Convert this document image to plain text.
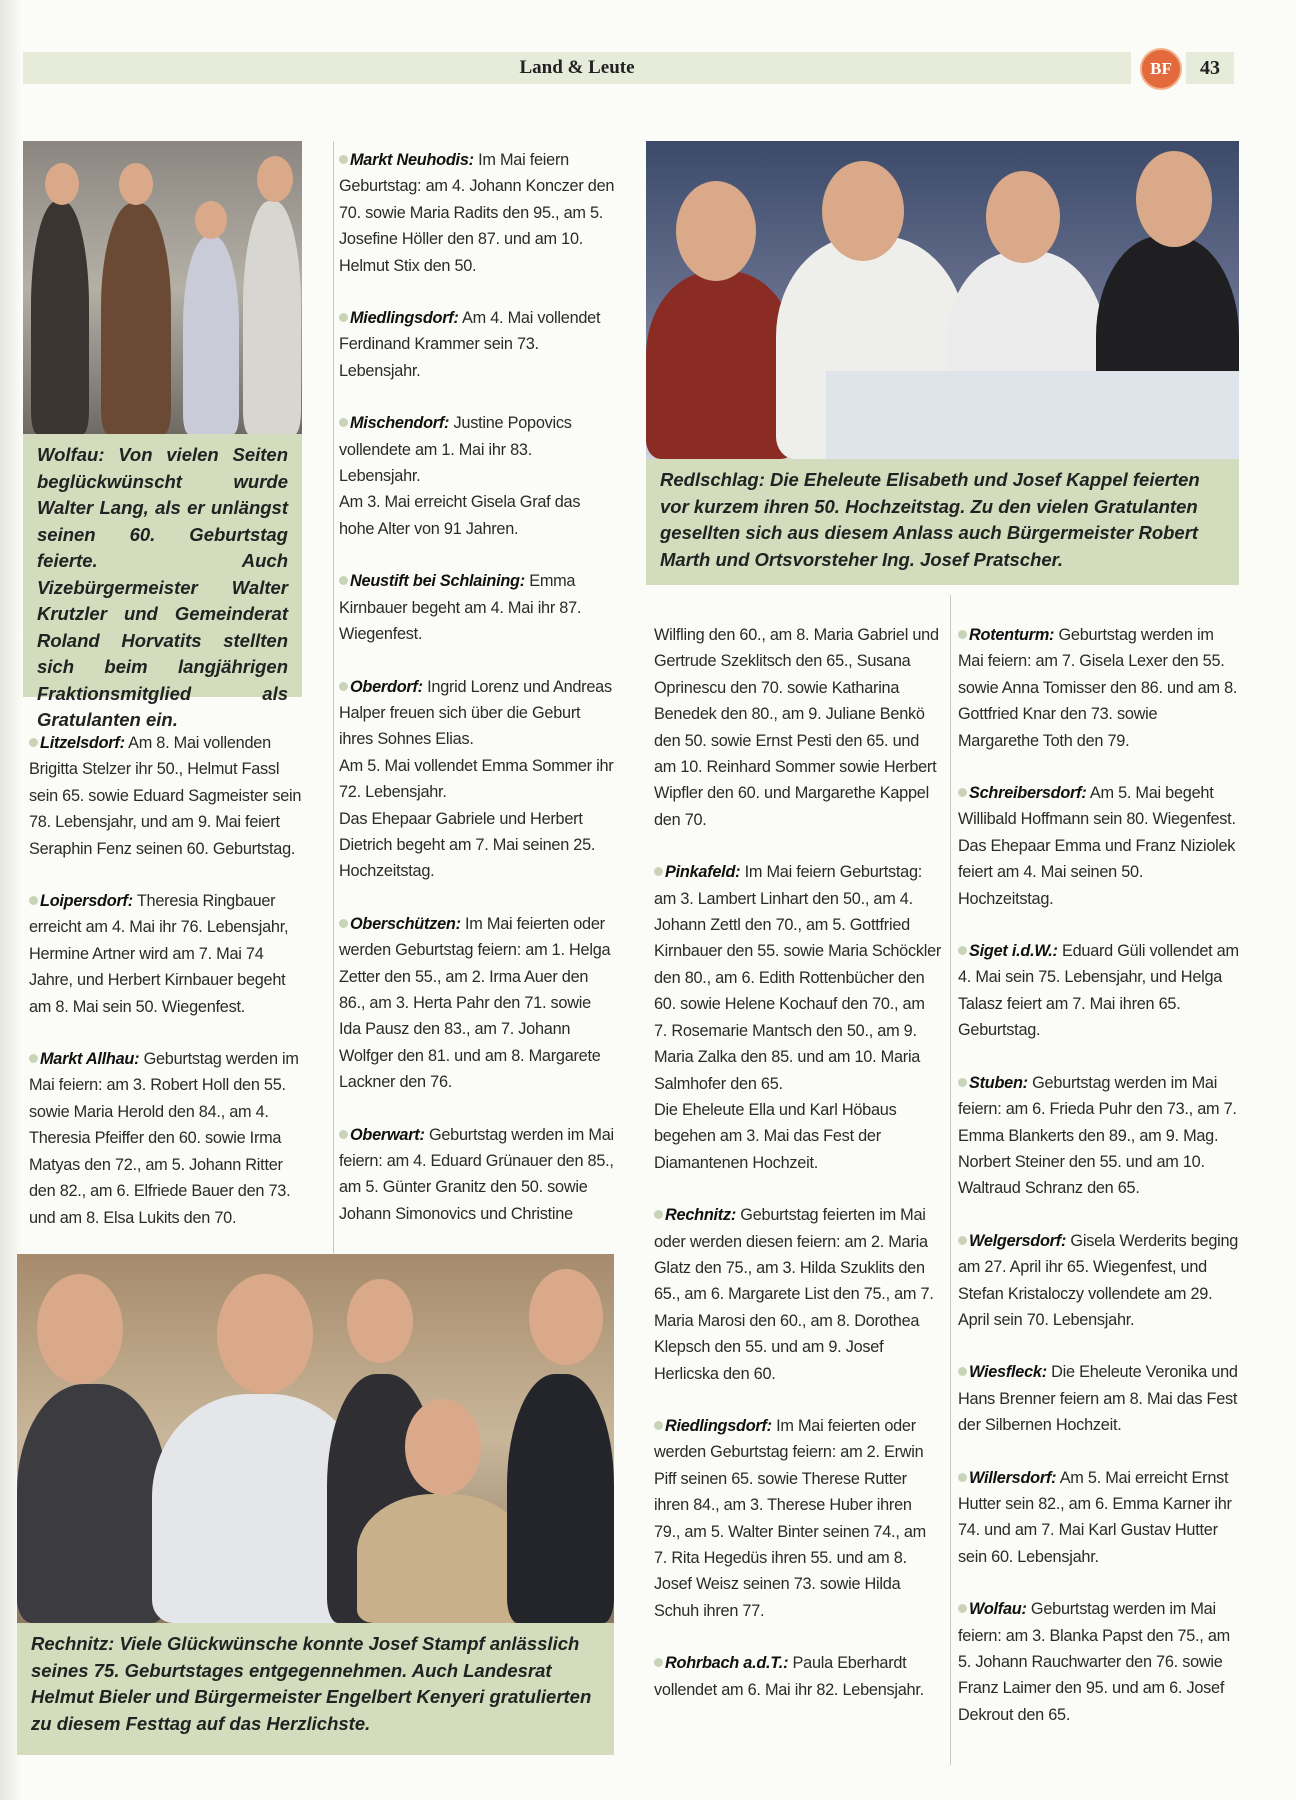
Land & Leute	BF	43
Wolfau: Von vielen Seiten beglückwünscht wurde Walter Lang, als er unlängst seinen 60. Geburtstag feierte. Auch Vizebürgermeister Walter Krutzler und Gemeinderat Roland Horvatits stellten sich beim langjährigen Fraktionsmitglied als Gratulanten ein.
Redlschlag: Die Eheleute Elisabeth und Josef Kappel feierten vor kurzem ihren 50. Hochzeitstag. Zu den vielen Gratulanten gesellten sich aus diesem Anlass auch Bürgermeister Robert Marth und Ortsvorsteher Ing. Josef Pratscher.
Rechnitz: Viele Glückwünsche konnte Josef Stampf anlässlich seines 75. Geburtstages entgegennehmen. Auch Landesrat Helmut Bieler und Bürgermeister Engelbert Kenyeri gratulierten zu diesem Festtag auf das Herzlichste.

Litzelsdorf: Am 8. Mai vollenden Brigitta Stelzer ihr 50., Helmut Fassl sein 65. sowie Eduard Sagmeister sein 78. Lebensjahr, und am 9. Mai feiert Seraphin Fenz seinen 60. Geburtstag.

Loipersdorf: Theresia Ringbauer erreicht am 4. Mai ihr 76. Lebensjahr, Hermine Artner wird am 7. Mai 74 Jahre, und Herbert Kirnbauer begeht am 8. Mai sein 50. Wiegenfest.

Markt Allhau: Geburtstag werden im Mai feiern: am 3. Robert Holl den 55. sowie Maria Herold den 84., am 4. Theresia Pfeiffer den 60. sowie Irma Matyas den 72., am 5. Johann Ritter den 82., am 6. Elfriede Bauer den 73. und am 8. Elsa Lukits den 70.

Markt Neuhodis: Im Mai feiern Geburtstag: am 4. Johann Konczer den 70. sowie Maria Radits den 95., am 5. Josefine Höller den 87. und am 10. Helmut Stix den 50.

Miedlingsdorf: Am 4. Mai vollendet Ferdinand Krammer sein 73. Lebensjahr.

Mischendorf: Justine Popovics vollendete am 1. Mai ihr 83. Lebensjahr.

Am 3. Mai erreicht Gisela Graf das hohe Alter von 91 Jahren.

Neustift bei Schlaining: Emma Kirnbauer begeht am 4. Mai ihr 87. Wiegenfest.

Oberdorf: Ingrid Lorenz und Andreas Halper freuen sich über die Geburt ihres Sohnes Elias.

Am 5. Mai vollendet Emma Sommer ihr 72. Lebensjahr.

Das Ehepaar Gabriele und Herbert Dietrich begeht am 7. Mai seinen 25. Hochzeitstag.

Oberschützen: Im Mai feierten oder werden Geburtstag feiern: am 1. Helga Zetter den 55., am 2. Irma Auer den 86., am 3. Herta Pahr den 71. sowie Ida Pausz den 83., am 7. Johann Wolfger den 81. und am 8. Margarete Lackner den 76.

Oberwart: Geburtstag werden im Mai feiern: am 4. Eduard Grünauer den 85., am 5. Günter Granitz den 50. sowie Johann Simonovics und Christine

Wilfling den 60., am 8. Maria Gabriel und Gertrude Szeklitsch den 65., Susana Oprinescu den 70. sowie Katharina Benedek den 80., am 9. Juliane Benkö den 50. sowie Ernst Pesti den 65. und am 10. Reinhard Sommer sowie Herbert Wipfler den 60. und Margarethe Kappel den 70.

Pinkafeld: Im Mai feiern Geburtstag: am 3. Lambert Linhart den 50., am 4. Johann Zettl den 70., am 5. Gottfried Kirnbauer den 55. sowie Maria Schöckler den 80., am 6. Edith Rottenbücher den 60. sowie Helene Kochauf den 70., am 7. Rosemarie Mantsch den 50., am 9. Maria Zalka den 85. und am 10. Maria Salmhofer den 65.

Die Eheleute Ella und Karl Höbaus begehen am 3. Mai das Fest der Diamantenen Hochzeit.

Rechnitz: Geburtstag feierten im Mai oder werden diesen feiern: am 2. Maria Glatz den 75., am 3. Hilda Szuklits den 65., am 6. Margarete List den 75., am 7. Maria Marosi den 60., am 8. Dorothea Klepsch den 55. und am 9. Josef Herlicska den 60.

Riedlingsdorf: Im Mai feierten oder werden Geburtstag feiern: am 2. Erwin Piff seinen 65. sowie Therese Rutter ihren 84., am 3. Therese Huber ihren 79., am 5. Walter Binter seinen 74., am 7. Rita Hegedüs ihren 55. und am 8. Josef Weisz seinen 73. sowie Hilda Schuh ihren 77.

Rohrbach a.d.T.: Paula Eberhardt vollendet am 6. Mai ihr 82. Lebensjahr.

Rotenturm: Geburtstag werden im Mai feiern: am 7. Gisela Lexer den 55. sowie Anna Tomisser den 86. und am 8. Gottfried Knar den 73. sowie Margarethe Toth den 79.

Schreibersdorf: Am 5. Mai begeht Willibald Hoffmann sein 80. Wiegenfest.

Das Ehepaar Emma und Franz Niziolek feiert am 4. Mai seinen 50. Hochzeitstag.

Siget i.d.W.: Eduard Güli vollendet am 4. Mai sein 75. Lebensjahr, und Helga Talasz feiert am 7. Mai ihren 65. Geburtstag.

Stuben: Geburtstag werden im Mai feiern: am 6. Frieda Puhr den 73., am 7. Emma Blankerts den 89., am 9. Mag. Norbert Steiner den 55. und am 10. Waltraud Schranz den 65.

Welgersdorf: Gisela Werderits beging am 27. April ihr 65. Wiegenfest, und Stefan Kristaloczy vollendete am 29. April sein 70. Lebensjahr.

Wiesfleck: Die Eheleute Veronika und Hans Brenner feiern am 8. Mai das Fest der Silbernen Hochzeit.

Willersdorf: Am 5. Mai erreicht Ernst Hutter sein 82., am 6. Emma Karner ihr 74. und am 7. Mai Karl Gustav Hutter sein 60. Lebensjahr.

Wolfau: Geburtstag werden im Mai feiern: am 3. Blanka Papst den 75., am 5. Johann Rauchwarter den 76. sowie Franz Laimer den 95. und am 6. Josef Dekrout den 65.
